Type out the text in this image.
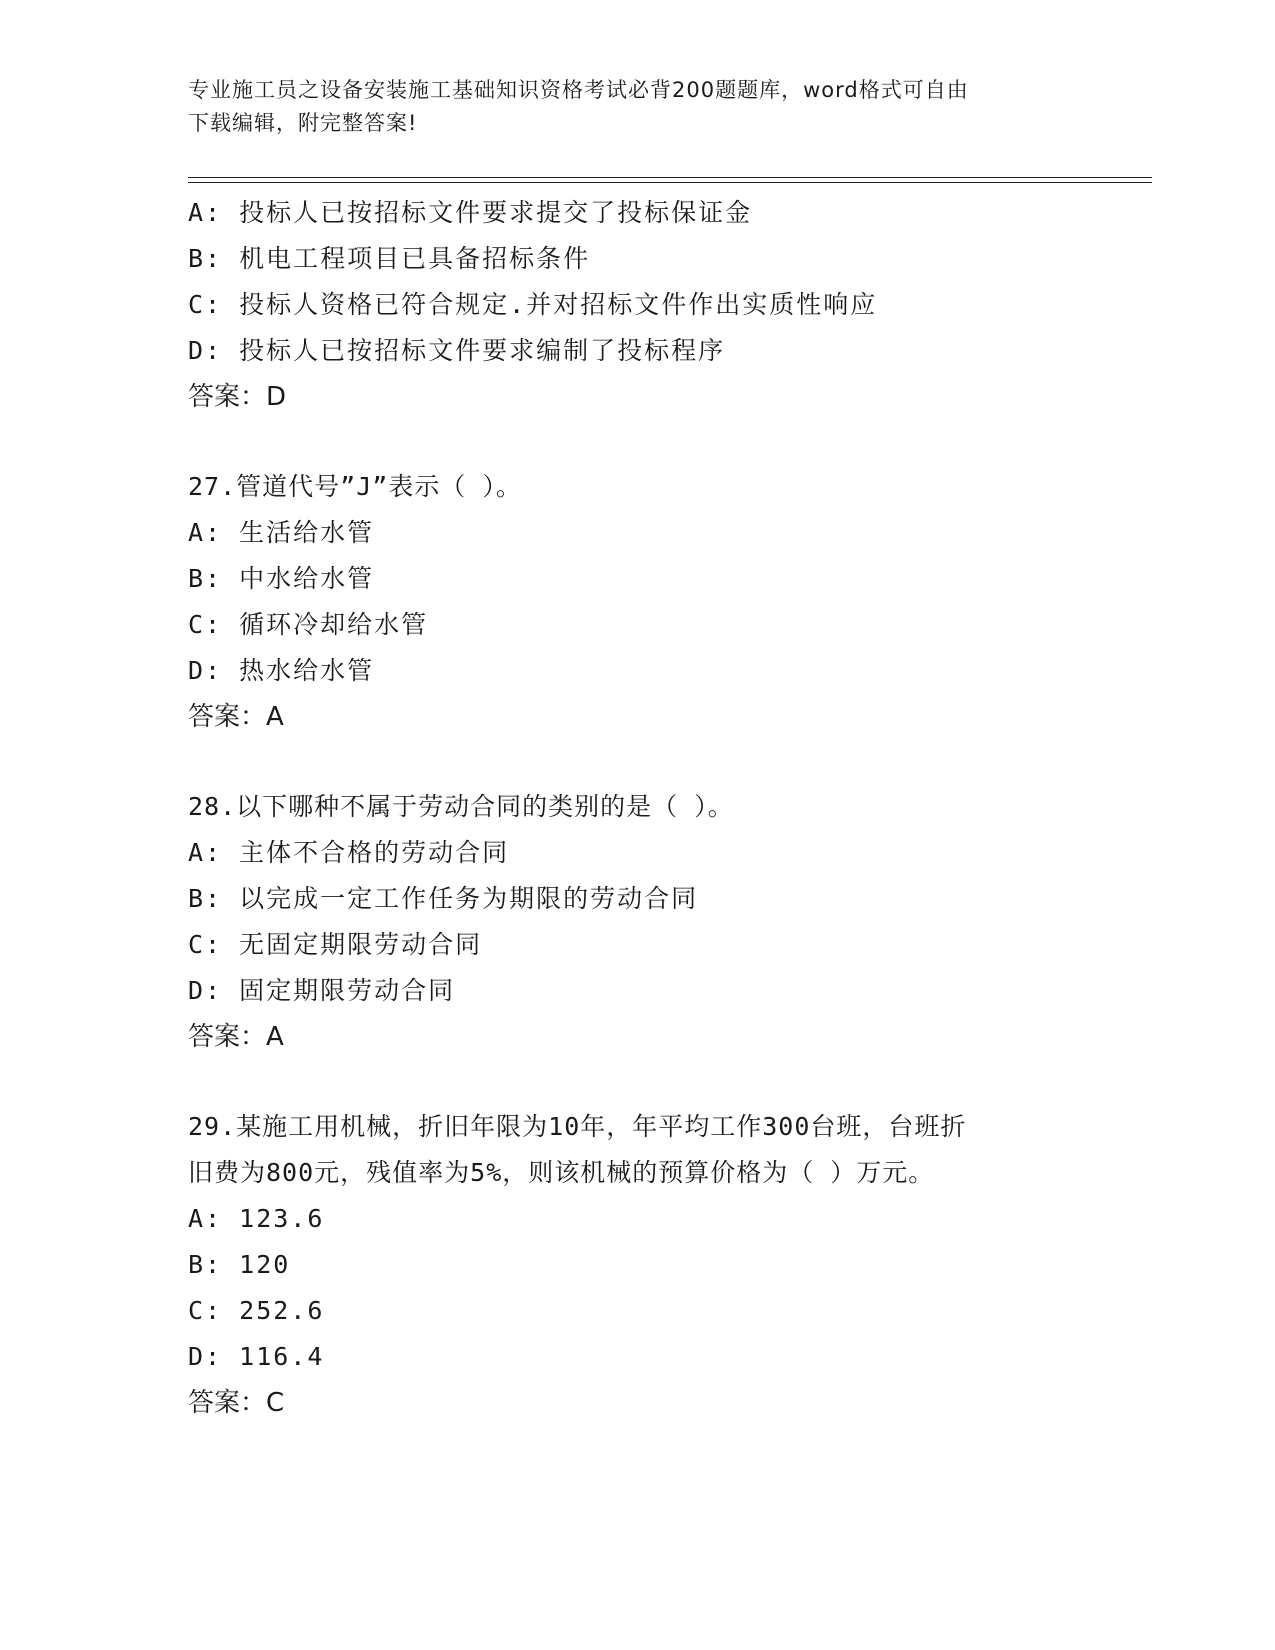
专业施工员之设备安装施工基础知识资格考试必背200题题库，word格式可自由

下载编辑，附完整答案!

A: 投标人已按招标文件要求提交了投标保证金
B: 机电工程项目已具备招标条件
C: 投标人资格已符合规定.并对招标文件作出实质性响应
D: 投标人已按招标文件要求编制了投标程序
答案：D
27.管道代号”J”表示（ ）。
A: 生活给水管
B: 中水给水管
C: 循环冷却给水管
D: 热水给水管
答案：A
28.以下哪种不属于劳动合同的类别的是（ ）。
A: 主体不合格的劳动合同
B: 以完成一定工作任务为期限的劳动合同
C: 无固定期限劳动合同
D: 固定期限劳动合同
答案：A
29.某施工用机械，折旧年限为10年，年平均工作300台班，台班折
旧费为800元，残值率为5%，则该机械的预算价格为（ ）万元。
A: 123.6
B: 120
C: 252.6
D: 116.4
答案：C
